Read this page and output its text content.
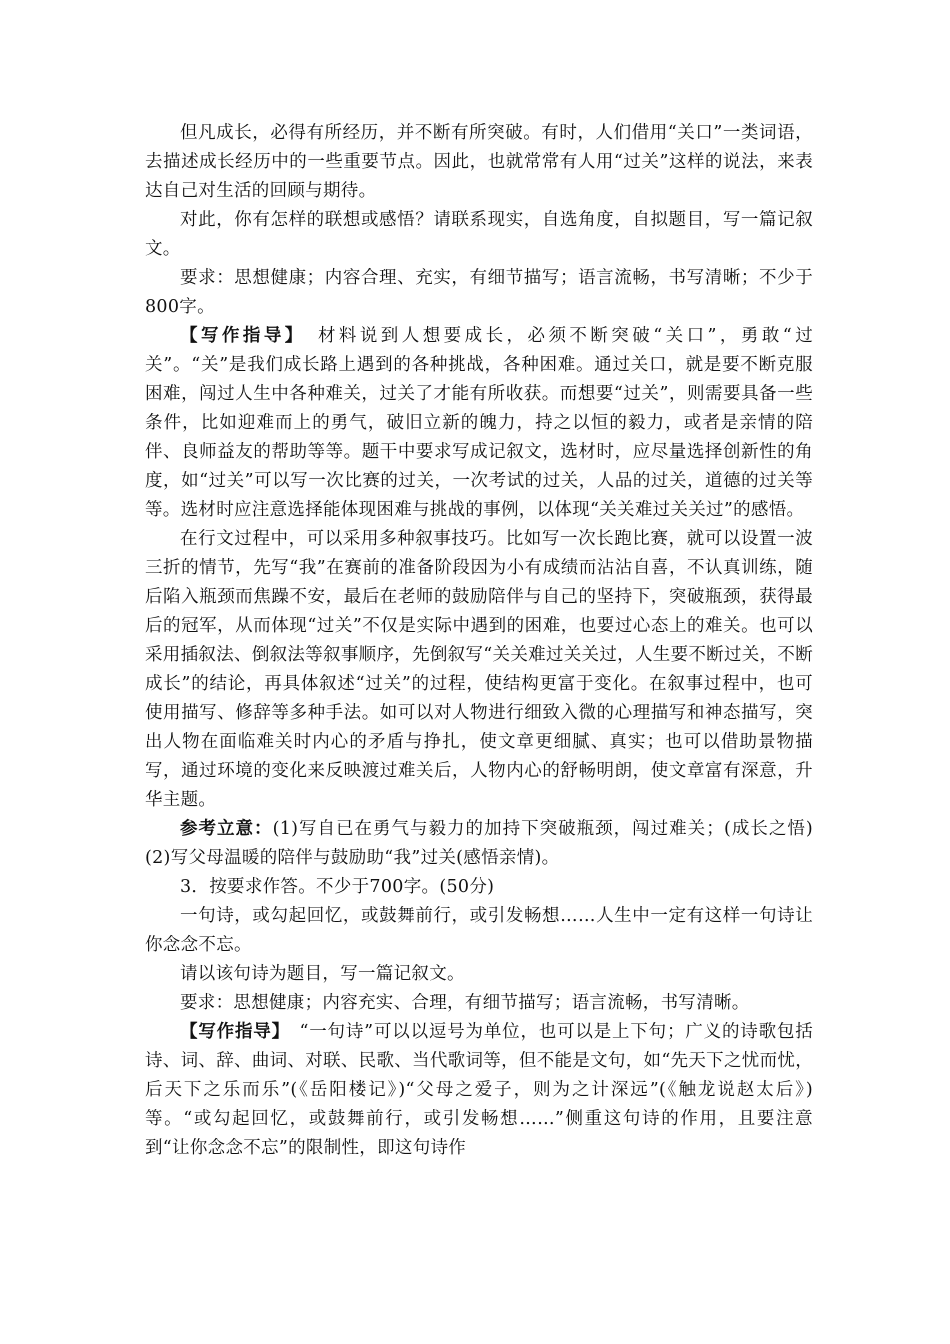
但凡成长，必得有所经历，并不断有所突破。有时，人们借用“关口”一类词语，去描述成长经历中的一些重要节点。因此，也就常常有人用“过关”这样的说法，来表达自己对生活的回顾与期待。

对此，你有怎样的联想或感悟？请联系现实，自选角度，自拟题目，写一篇记叙文。

要求：思想健康；内容合理、充实，有细节描写；语言流畅，书写清晰；不少于800字。

【写作指导】　材料说到人想要成长，必须不断突破“关口”，勇敢“过关”。“关”是我们成长路上遇到的各种挑战，各种困难。通过关口，就是要不断克服困难，闯过人生中各种难关，过关了才能有所收获。而想要“过关”，则需要具备一些条件，比如迎难而上的勇气，破旧立新的魄力，持之以恒的毅力，或者是亲情的陪伴、良师益友的帮助等等。题干中要求写成记叙文，选材时，应尽量选择创新性的角度，如“过关”可以写一次比赛的过关，一次考试的过关，人品的过关，道德的过关等等。选材时应注意选择能体现困难与挑战的事例，以体现“关关难过关关过”的感悟。

在行文过程中，可以采用多种叙事技巧。比如写一次长跑比赛，就可以设置一波三折的情节，先写“我”在赛前的准备阶段因为小有成绩而沾沾自喜，不认真训练，随后陷入瓶颈而焦躁不安，最后在老师的鼓励陪伴与自己的坚持下，突破瓶颈，获得最后的冠军，从而体现“过关”不仅是实际中遇到的困难，也要过心态上的难关。也可以采用插叙法、倒叙法等叙事顺序，先倒叙写“关关难过关关过，人生要不断过关，不断成长”的结论，再具体叙述“过关”的过程，使结构更富于变化。在叙事过程中，也可使用描写、修辞等多种手法。如可以对人物进行细致入微的心理描写和神态描写，突出人物在面临难关时内心的矛盾与挣扎，使文章更细腻、真实；也可以借助景物描写，通过环境的变化来反映渡过难关后，人物内心的舒畅明朗，使文章富有深意，升华主题。

参考立意：(1)写自已在勇气与毅力的加持下突破瓶颈，闯过难关；(成长之悟)(2)写父母温暖的陪伴与鼓励助“我”过关(感悟亲情)。

3．按要求作答。不少于700字。(50分)

一句诗，或勾起回忆，或鼓舞前行，或引发畅想……人生中一定有这样一句诗让你念念不忘。

请以该句诗为题目，写一篇记叙文。

要求：思想健康；内容充实、合理，有细节描写；语言流畅，书写清晰。

【写作指导】　“一句诗”可以以逗号为单位，也可以是上下句；广义的诗歌包括诗、词、辞、曲词、对联、民歌、当代歌词等，但不能是文句，如“先天下之忧而忧，后天下之乐而乐”(《岳阳楼记》)“父母之爱子，则为之计深远”(《触龙说赵太后》)等。“或勾起回忆，或鼓舞前行，或引发畅想……”侧重这句诗的作用，且要注意到“让你念念不忘”的限制性，即这句诗作
